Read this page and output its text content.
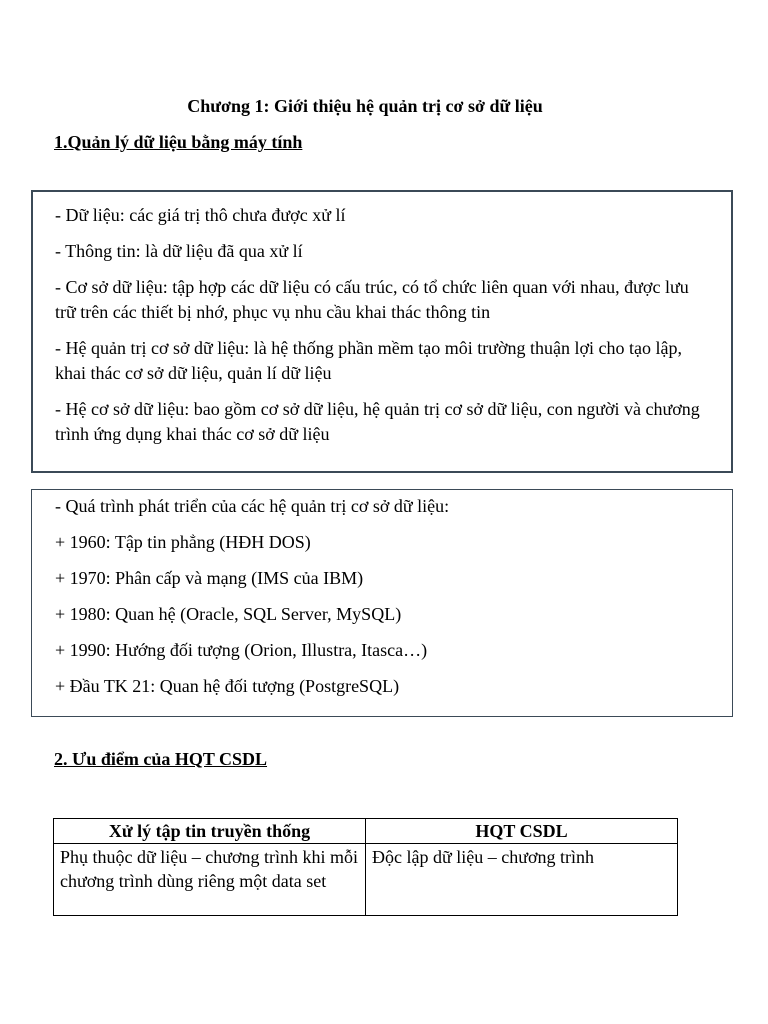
Chương 1: Giới thiệu hệ quản trị cơ sở dữ liệu

1.Quản lý dữ liệu bằng máy tính

- Dữ liệu: các giá trị thô chưa được xử lí

- Thông tin: là dữ liệu đã qua xử lí

- Cơ sở dữ liệu: tập hợp các dữ liệu có cấu trúc, có tổ chức liên quan với nhau, được lưu trữ trên các thiết bị nhớ, phục vụ nhu cầu khai thác thông tin

- Hệ quản trị cơ sở dữ liệu: là hệ thống phần mềm tạo môi trường thuận lợi cho tạo lập, khai thác cơ sở dữ liệu, quản lí dữ liệu

- Hệ cơ sở dữ liệu: bao gồm cơ sở dữ liệu, hệ quản trị cơ sở dữ liệu, con người và chương trình ứng dụng khai thác cơ sở dữ liệu

- Quá trình phát triển của các hệ quản trị cơ sở dữ liệu:

+ 1960: Tập tin phẳng (HĐH DOS)

+ 1970: Phân cấp và mạng (IMS của IBM)

+ 1980: Quan hệ (Oracle, SQL Server, MySQL)

+ 1990: Hướng đối tượng (Orion, Illustra, Itasca…)

+ Đầu TK 21: Quan hệ đối tượng (PostgreSQL)

2. Ưu điểm của HQT CSDL

Xử lý tập tin truyền thống	HQT CSDL
Phụ thuộc dữ liệu – chương trình khi mỗi chương trình dùng riêng một data set	Độc lập dữ liệu – chương trình
